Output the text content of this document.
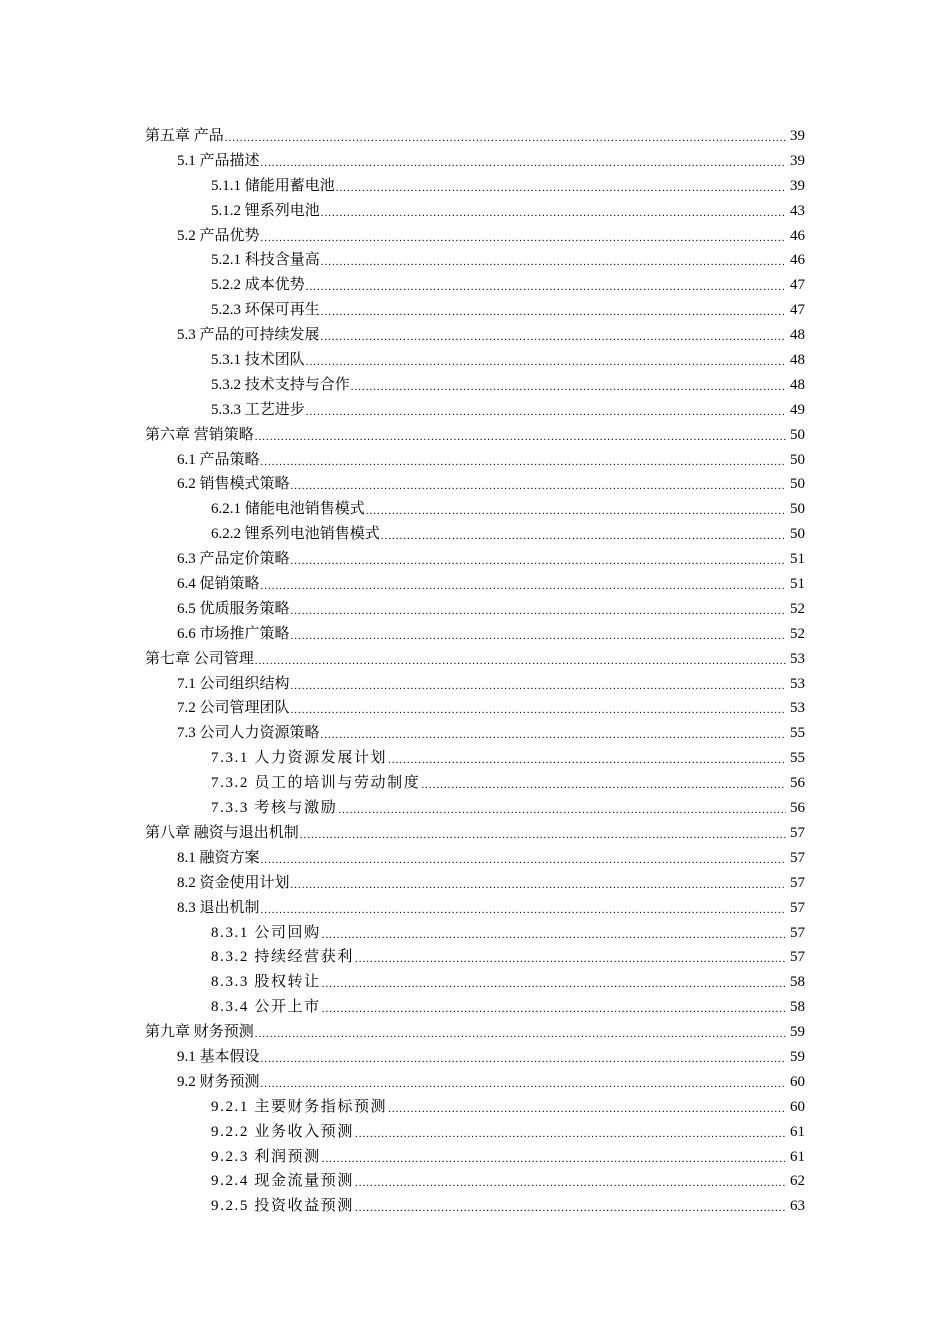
第五章 产品 .....	39
5.1 产品描述 .....	39
5.1.1 储能用蓄电池 .....	39
5.1.2 锂系列电池 .....	43
5.2 产品优势 .....	46
5.2.1 科技含量高 .....	46
5.2.2 成本优势 .....	47
5.2.3 环保可再生 .....	47
5.3 产品的可持续发展 .....	48
5.3.1 技术团队 .....	48
5.3.2 技术支持与合作 .....	48
5.3.3 工艺进步 .....	49
第六章 营销策略 .....	50
6.1 产品策略 .....	50
6.2 销售模式策略 .....	50
6.2.1 储能电池销售模式 .....	50
6.2.2 锂系列电池销售模式 .....	50
6.3 产品定价策略 .....	51
6.4 促销策略 .....	51
6.5 优质服务策略 .....	52
6.6 市场推广策略 .....	52
第七章 公司管理 .....	53
7.1 公司组织结构 .....	53
7.2 公司管理团队 .....	53
7.3 公司人力资源策略 .....	55
7.3.1 人力资源发展计划 .....	55
7.3.2 员工的培训与劳动制度 .....	56
7.3.3 考核与激励 .....	56
第八章 融资与退出机制 .....	57
8.1 融资方案 .....	57
8.2 资金使用计划 .....	57
8.3 退出机制 .....	57
8.3.1 公司回购 .....	57
8.3.2 持续经营获利 .....	57
8.3.3 股权转让 .....	58
8.3.4 公开上市 .....	58
第九章 财务预测 .....	59
9.1 基本假设 .....	59
9.2 财务预测 .....	60
9.2.1 主要财务指标预测 .....	60
9.2.2 业务收入预测 .....	61
9.2.3 利润预测 .....	61
9.2.4 现金流量预测 .....	62
9.2.5 投资收益预测 .....	63
